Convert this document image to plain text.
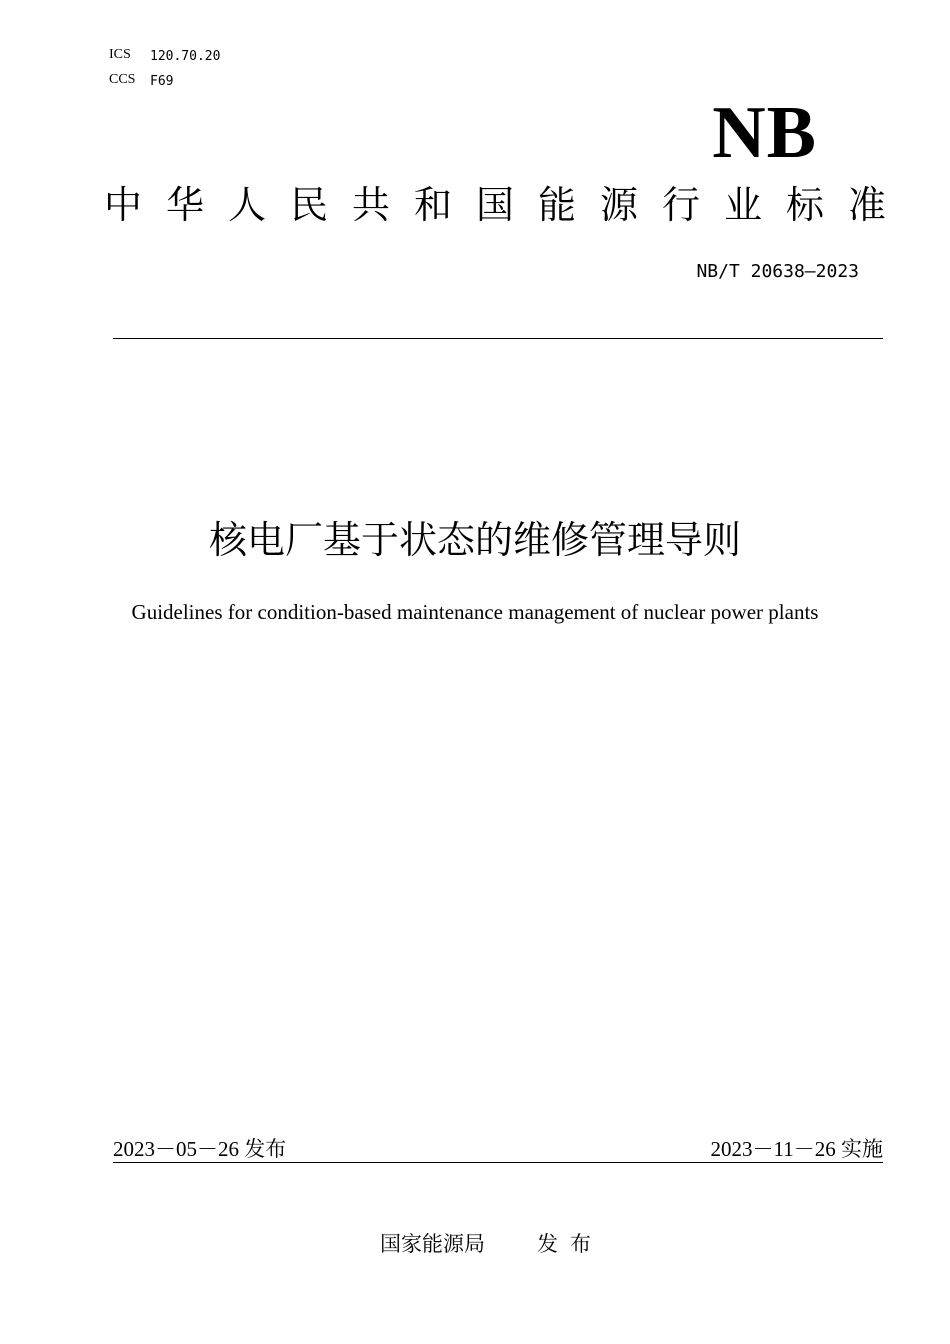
ICS 120.70.20
CCS F69
NB
中华人民共和国能源行业标准
NB/T 20638—2023
核电厂基于状态的维修管理导则
Guidelines for condition-based maintenance management of nuclear power plants
2023－05－26 发布	2023－11－26 实施
国家能源局 发布
